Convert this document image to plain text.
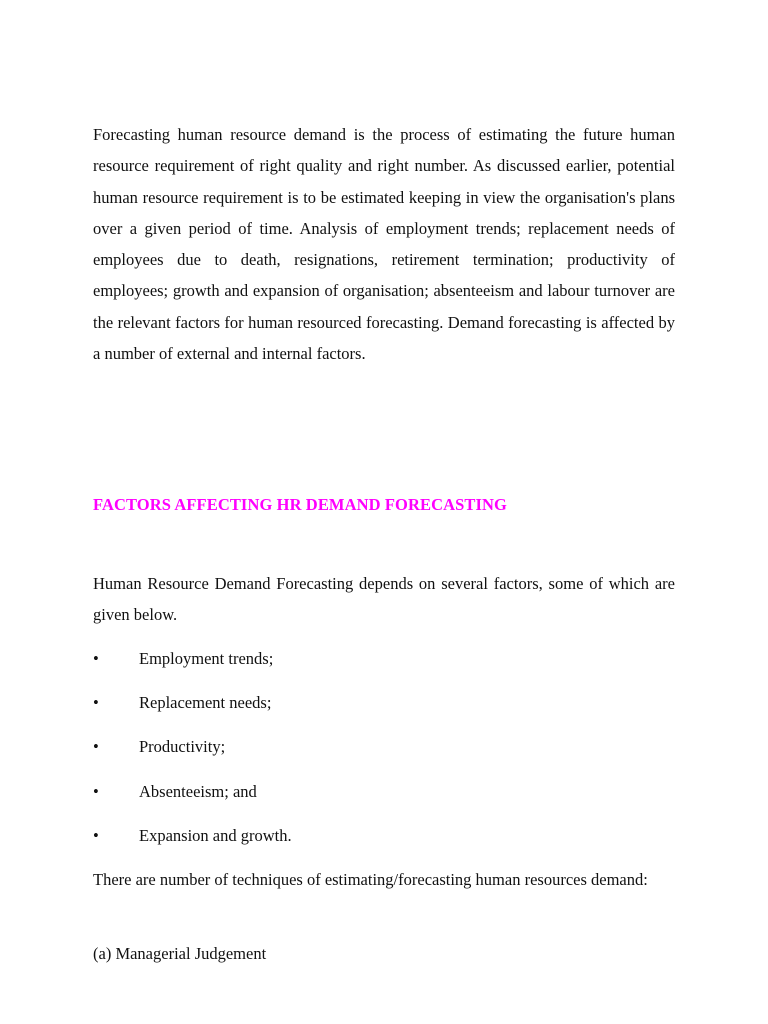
Forecasting human resource demand is the process of estimating the future human resource requirement of right quality and right number. As discussed earlier, potential human resource requirement is to be estimated keeping in view the organisation's plans over a given period of time. Analysis of employment trends; replacement needs of employees due to death, resignations, retirement termination; productivity of employees; growth and expansion of organisation; absenteeism and labour turnover are the relevant factors for human resourced forecasting. Demand forecasting is affected by a number of external and internal factors.

FACTORS AFFECTING HR DEMAND FORECASTING

Human Resource Demand Forecasting depends on several factors, some of which are given below.

• Employment trends;
• Replacement needs;
• Productivity;
• Absenteeism; and
• Expansion and growth.

There are number of techniques of estimating/forecasting human resources demand:

(a) Managerial Judgement
